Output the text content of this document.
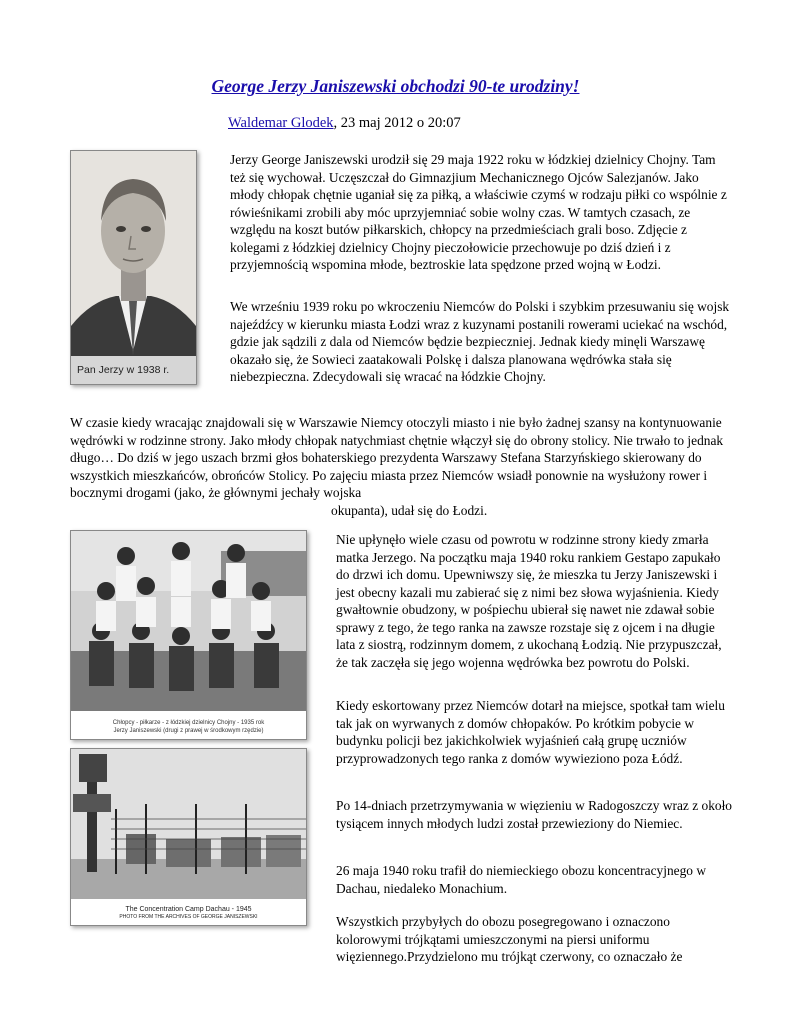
George Jerzy Janiszewski obchodzi 90-te urodziny!
Waldemar Glodek, 23 maj 2012 o 20:07
Pan Jerzy w 1938 r.

Jerzy George Janiszewski urodził się 29 maja 1922 roku w łódzkiej dzielnicy Chojny. Tam też się wychował. Uczęszczał do Gimnazjium Mechanicznego Ojców Salezjanów. Jako młody chłopak chętnie uganiał się za piłką, a właściwie czymś w rodzaju piłki co wspólnie z rówieśnikami zrobili aby móc uprzyjemniać sobie wolny czas. W tamtych czasach, ze względu na koszt butów piłkarskich, chłopcy na przedmieściach grali boso. Zdjęcie z kolegami z łódzkiej dzielnicy Chojny pieczołowicie przechowuje po dziś dzień i z przyjemnością wspomina młode, beztroskie lata spędzone przed wojną w Łodzi.

We wrześniu 1939 roku po wkroczeniu Niemców do Polski i szybkim przesuwaniu się wojsk najeźdźcy w kierunku miasta Łodzi wraz z kuzynami postanili rowerami uciekać na wschód, gdzie jak sądzili z dala od Niemców będzie bezpieczniej. Jednak kiedy minęli Warszawę okazało się, że Sowieci zaatakowali Polskę i dalsza planowana wędrówka stała się niebezpieczna. Zdecydowali się wracać na łódzkie Chojny.

W czasie kiedy wracając znajdowali się w Warszawie Niemcy otoczyli miasto i nie było żadnej szansy na kontynuowanie wędrówki w rodzinne strony. Jako młody chłopak natychmiast chętnie włączył się do obrony stolicy. Nie trwało to jednak długo… Do dziś w jego uszach brzmi głos bohaterskiego prezydenta Warszawy Stefana Starzyńskiego skierowany do wszystkich mieszkańców, obrońców Stolicy. Po zajęciu miasta przez Niemców wsiadł ponownie na wysłużony rower i bocznymi drogami (jako, że głównymi jechały wojska
okupanta), udał się do Łodzi.

Chłopcy - piłkarze - z łódzkiej dzielnicy Chojny - 1935 rok
Jerzy Janiszewski (drugi z prawej w środkowym rzędzie)
The Concentration Camp Dachau - 1945
PHOTO FROM THE ARCHIVES OF GEORGE JANISZEWSKI

Nie upłynęło wiele czasu od powrotu w rodzinne strony kiedy zmarła matka Jerzego. Na początku maja 1940 roku rankiem Gestapo zapukało do drzwi ich domu. Upewniwszy się, że mieszka tu Jerzy Janiszewski i jest obecny kazali mu zabierać się z nimi bez słowa wyjaśnienia. Kiedy gwałtownie obudzony, w pośpiechu ubierał się nawet nie zdawał sobie sprawy z tego, że tego ranka na zawsze rozstaje się z ojcem i na długie lata z siostrą, rodzinnym domem, z ukochaną Łodzią. Nie przypuszczał, że tak zaczęła się jego wojenna wędrówka bez powrotu do Polski.

Kiedy eskortowany przez Niemców dotarł na miejsce, spotkał tam wielu tak jak on wyrwanych z domów chłopaków. Po krótkim pobycie w budynku policji bez jakichkolwiek wyjaśnień całą grupę uczniów przyprowadzonych tego ranka z domów wywieziono poza Łódź.

Po 14-dniach przetrzymywania w więzieniu w Radogoszczy wraz z około tysiącem innych młodych ludzi został przewieziony do Niemiec.

26 maja 1940 roku trafił do niemieckiego obozu koncentracyjnego w Dachau, niedaleko Monachium.

Wszystkich przybyłych do obozu posegregowano i oznaczono kolorowymi trójkątami umieszczonymi na piersi uniformu więziennego.Przydzielono mu trójkąt czerwony, co oznaczało że
